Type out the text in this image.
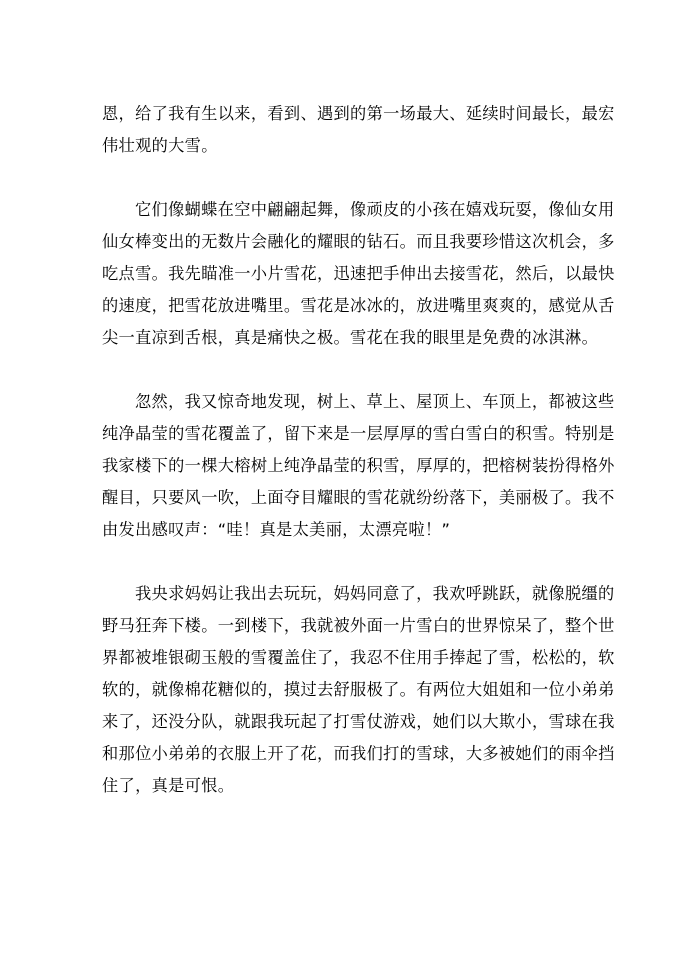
恩，给了我有生以来，看到、遇到的第一场最大、延续时间最长，最宏
伟壮观的大雪。
它们像蝴蝶在空中翩翩起舞，像顽皮的小孩在嬉戏玩耍，像仙女用
仙女棒变出的无数片会融化的耀眼的钻石。而且我要珍惜这次机会，多
吃点雪。我先瞄准一小片雪花，迅速把手伸出去接雪花，然后，以最快
的速度，把雪花放进嘴里。雪花是冰冰的，放进嘴里爽爽的，感觉从舌
尖一直凉到舌根，真是痛快之极。雪花在我的眼里是免费的冰淇淋。
忽然，我又惊奇地发现，树上、草上、屋顶上、车顶上，都被这些
纯净晶莹的雪花覆盖了，留下来是一层厚厚的雪白雪白的积雪。特别是
我家楼下的一棵大榕树上纯净晶莹的积雪，厚厚的，把榕树装扮得格外
醒目，只要风一吹，上面夺目耀眼的雪花就纷纷落下，美丽极了。我不
由发出感叹声：“哇！真是太美丽，太漂亮啦！”
我央求妈妈让我出去玩玩，妈妈同意了，我欢呼跳跃，就像脱缰的
野马狂奔下楼。一到楼下，我就被外面一片雪白的世界惊呆了，整个世
界都被堆银砌玉般的雪覆盖住了，我忍不住用手捧起了雪，松松的，软
软的，就像棉花糖似的，摸过去舒服极了。有两位大姐姐和一位小弟弟
来了，还没分队，就跟我玩起了打雪仗游戏，她们以大欺小，雪球在我
和那位小弟弟的衣服上开了花，而我们打的雪球，大多被她们的雨伞挡
住了，真是可恨。
